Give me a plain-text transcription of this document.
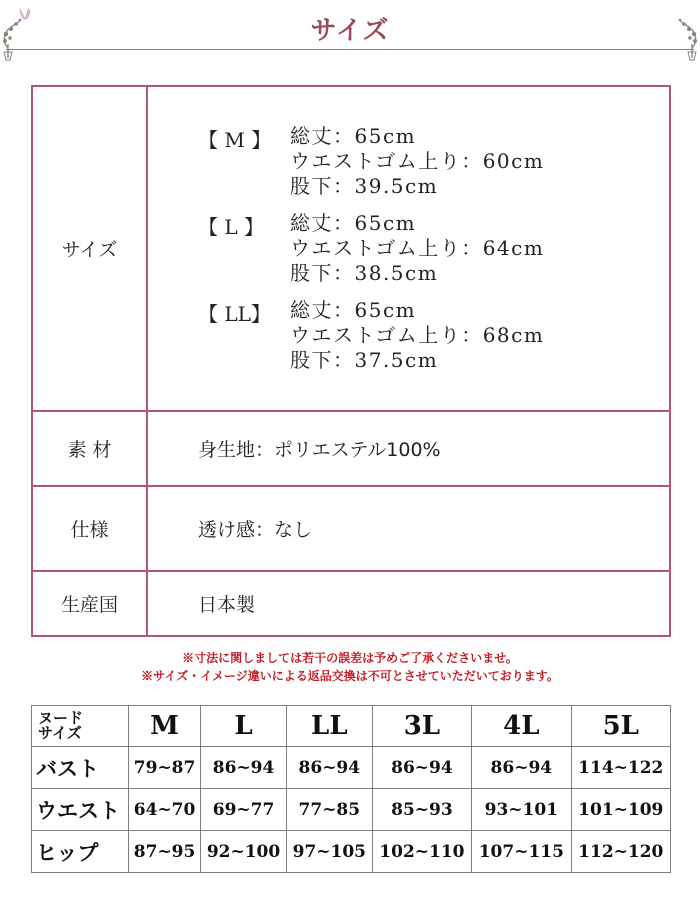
サイズ
サイズ	
【 M 】 総丈：65cm
ウエストゴム上り：60cm
股下：39.5cm
【 L 】	総丈：65cm
ウエストゴム上り：64cm
股下：38.5cm
【 LL】 総丈：65cm
ウエストゴム上り：68cm
股下：37.5cm

素 材	身生地：ポリエステル100%
仕様	透け感：なし
生産国	日本製
※寸法に関しましては若干の誤差は予めご了承くださいませ。
※サイズ・イメージ違いによる返品交換は不可とさせていただいております。
ヌード
サイズ	M	L	LL	3L	4L	5L
バスト	79~87	86~94	86~94	86~94	86~94	114~122
ウエスト	64~70	69~77	77~85	85~93	93~101	101~109
ヒップ	87~95	92~100	97~105	102~110	107~115	112~120
